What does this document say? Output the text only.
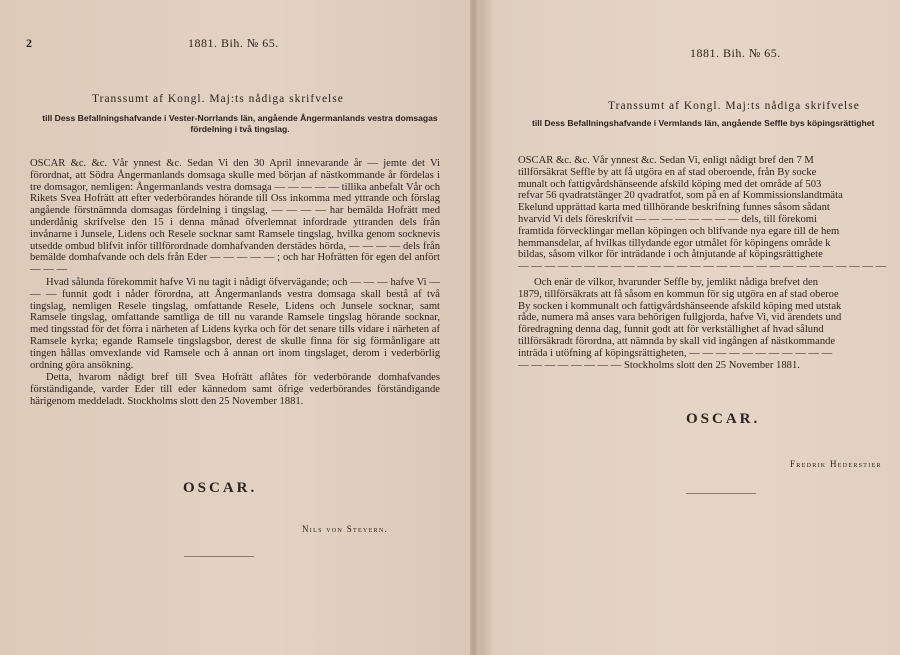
2	1881. Bih. № 65.
Transsumt af Kongl. Maj:ts nådiga skrifvelse
till Dess Befallningshafvande i Vester-Norrlands län, angående Ångermanlands vestra domsagas fördelning i två tingslag.

OSCAR &c. &c. Vår ynnest &c. Sedan Vi den 30 April innevarande år — jemte det Vi förordnat, att Södra Ångermanlands domsaga skulle med början af nästkommande år fördelas i tre domsagor, nemligen: Ångermanlands vestra domsaga — — — — — tillika anbefalt Vår och Rikets Svea Hofrätt att efter vederbörandes hörande till Oss inkomma med yttrande och förslag angående förstnämnda domsagas fördelning i tingslag, — — — — har bemälda Hofrätt med underdånig skrifvelse den 15 i denna månad öfverlemnat infordrade yttranden dels från invånarne i Junsele, Lidens och Resele socknar samt Ramsele tingslag, hvilka genom socknevis utsedde ombud blifvit inför tillförordnade domhafvanden derstädes hörda, — — — — dels från bemälde domhafvande och dels från Eder — — — — — ; och har Hofrätten för egen del anfört — — —

Hvad sålunda förekommit hafve Vi nu tagit i nådigt öfvervägande; och — — — hafve Vi — — — funnit godt i nåder förordna, att Ångermanlands vestra domsaga skall bestå af två tingslag, nemligen Resele tingslag, omfattande Resele, Lidens och Junsele socknar, samt Ramsele tingslag, omfattande samtliga de till nu varande Ramsele tingslag hörande socknar, med tingsstad för det förra i närheten af Lidens kyrka och för det senare tills vidare i närheten af Ramsele kyrka; egande Ramsele tingslagsbor, derest de skulle finna för sig förmånligare att tingen hållas omvexlande vid Ramsele och å annan ort inom tingslaget, derom i vederbörlig ordning göra ansökning.

Detta, hvarom nådigt bref till Svea Hofrätt aflåtes för vederbörande domhafvandes förständigande, varder Eder till eder kännedom samt öfrige vederbörandes förständigande härigenom meddeladt. Stockholms slott den 25 November 1881.

OSCAR.
Nils von Steyern.
1881. Bih. № 65.
Transsumt af Kongl. Maj:ts nådiga skrifvelse
till Dess Befallningshafvande i Vermlands län, angående Seffle bys köpingsrättighet
OSCAR &c. &c. Vår ynnest &c. Sedan Vi, enligt nådigt bref den 7 M
tillförsäkrat Seffle by att få utgöra en af stad oberoende, från By socke
munalt och fattigvårdshänseende afskild köping med det område af 503
refvar 56 qvadratstänger 20 qvadratfot, som på en af Kommissionslandtmäta
Ekelund upprättad karta med tillhörande beskrifning funnes såsom sådant
hvarvid Vi dels föreskrifvit — — — — — — — — dels, till förekomi
framtida förvecklingar mellan köpingen och blifvande nya egare till de hem
hemmansdelar, af hvilkas tillydande egor utmålet för köpingens område k
bildas, såsom vilkor för inträdande i och åtnjutande af köpingsrättighete
— — — — — — — — — — — — — — — — — — — — — — — — — — — —
Och enär de vilkor, hvarunder Seffle by, jemlikt nådiga brefvet den
1879, tillförsäkrats att få såsom en kommun för sig utgöra en af stad oberoe
By socken i kommunalt och fattigvårdshänseende afskild köping med utstak
råde, numera må anses vara behörigen fullgjorda, hafve Vi, vid ärendets und
föredragning denna dag, funnit godt att för verkställighet af hvad sålund
tillförsäkradt förordna, att nämnda by skall vid ingången af nästkommande
inträda i utöfning af köpingsrättigheten, — — — — — — — — — — —
— — — — — — — — Stockholms slott den 25 November 1881.
OSCAR.
Fredrik Hederstier
